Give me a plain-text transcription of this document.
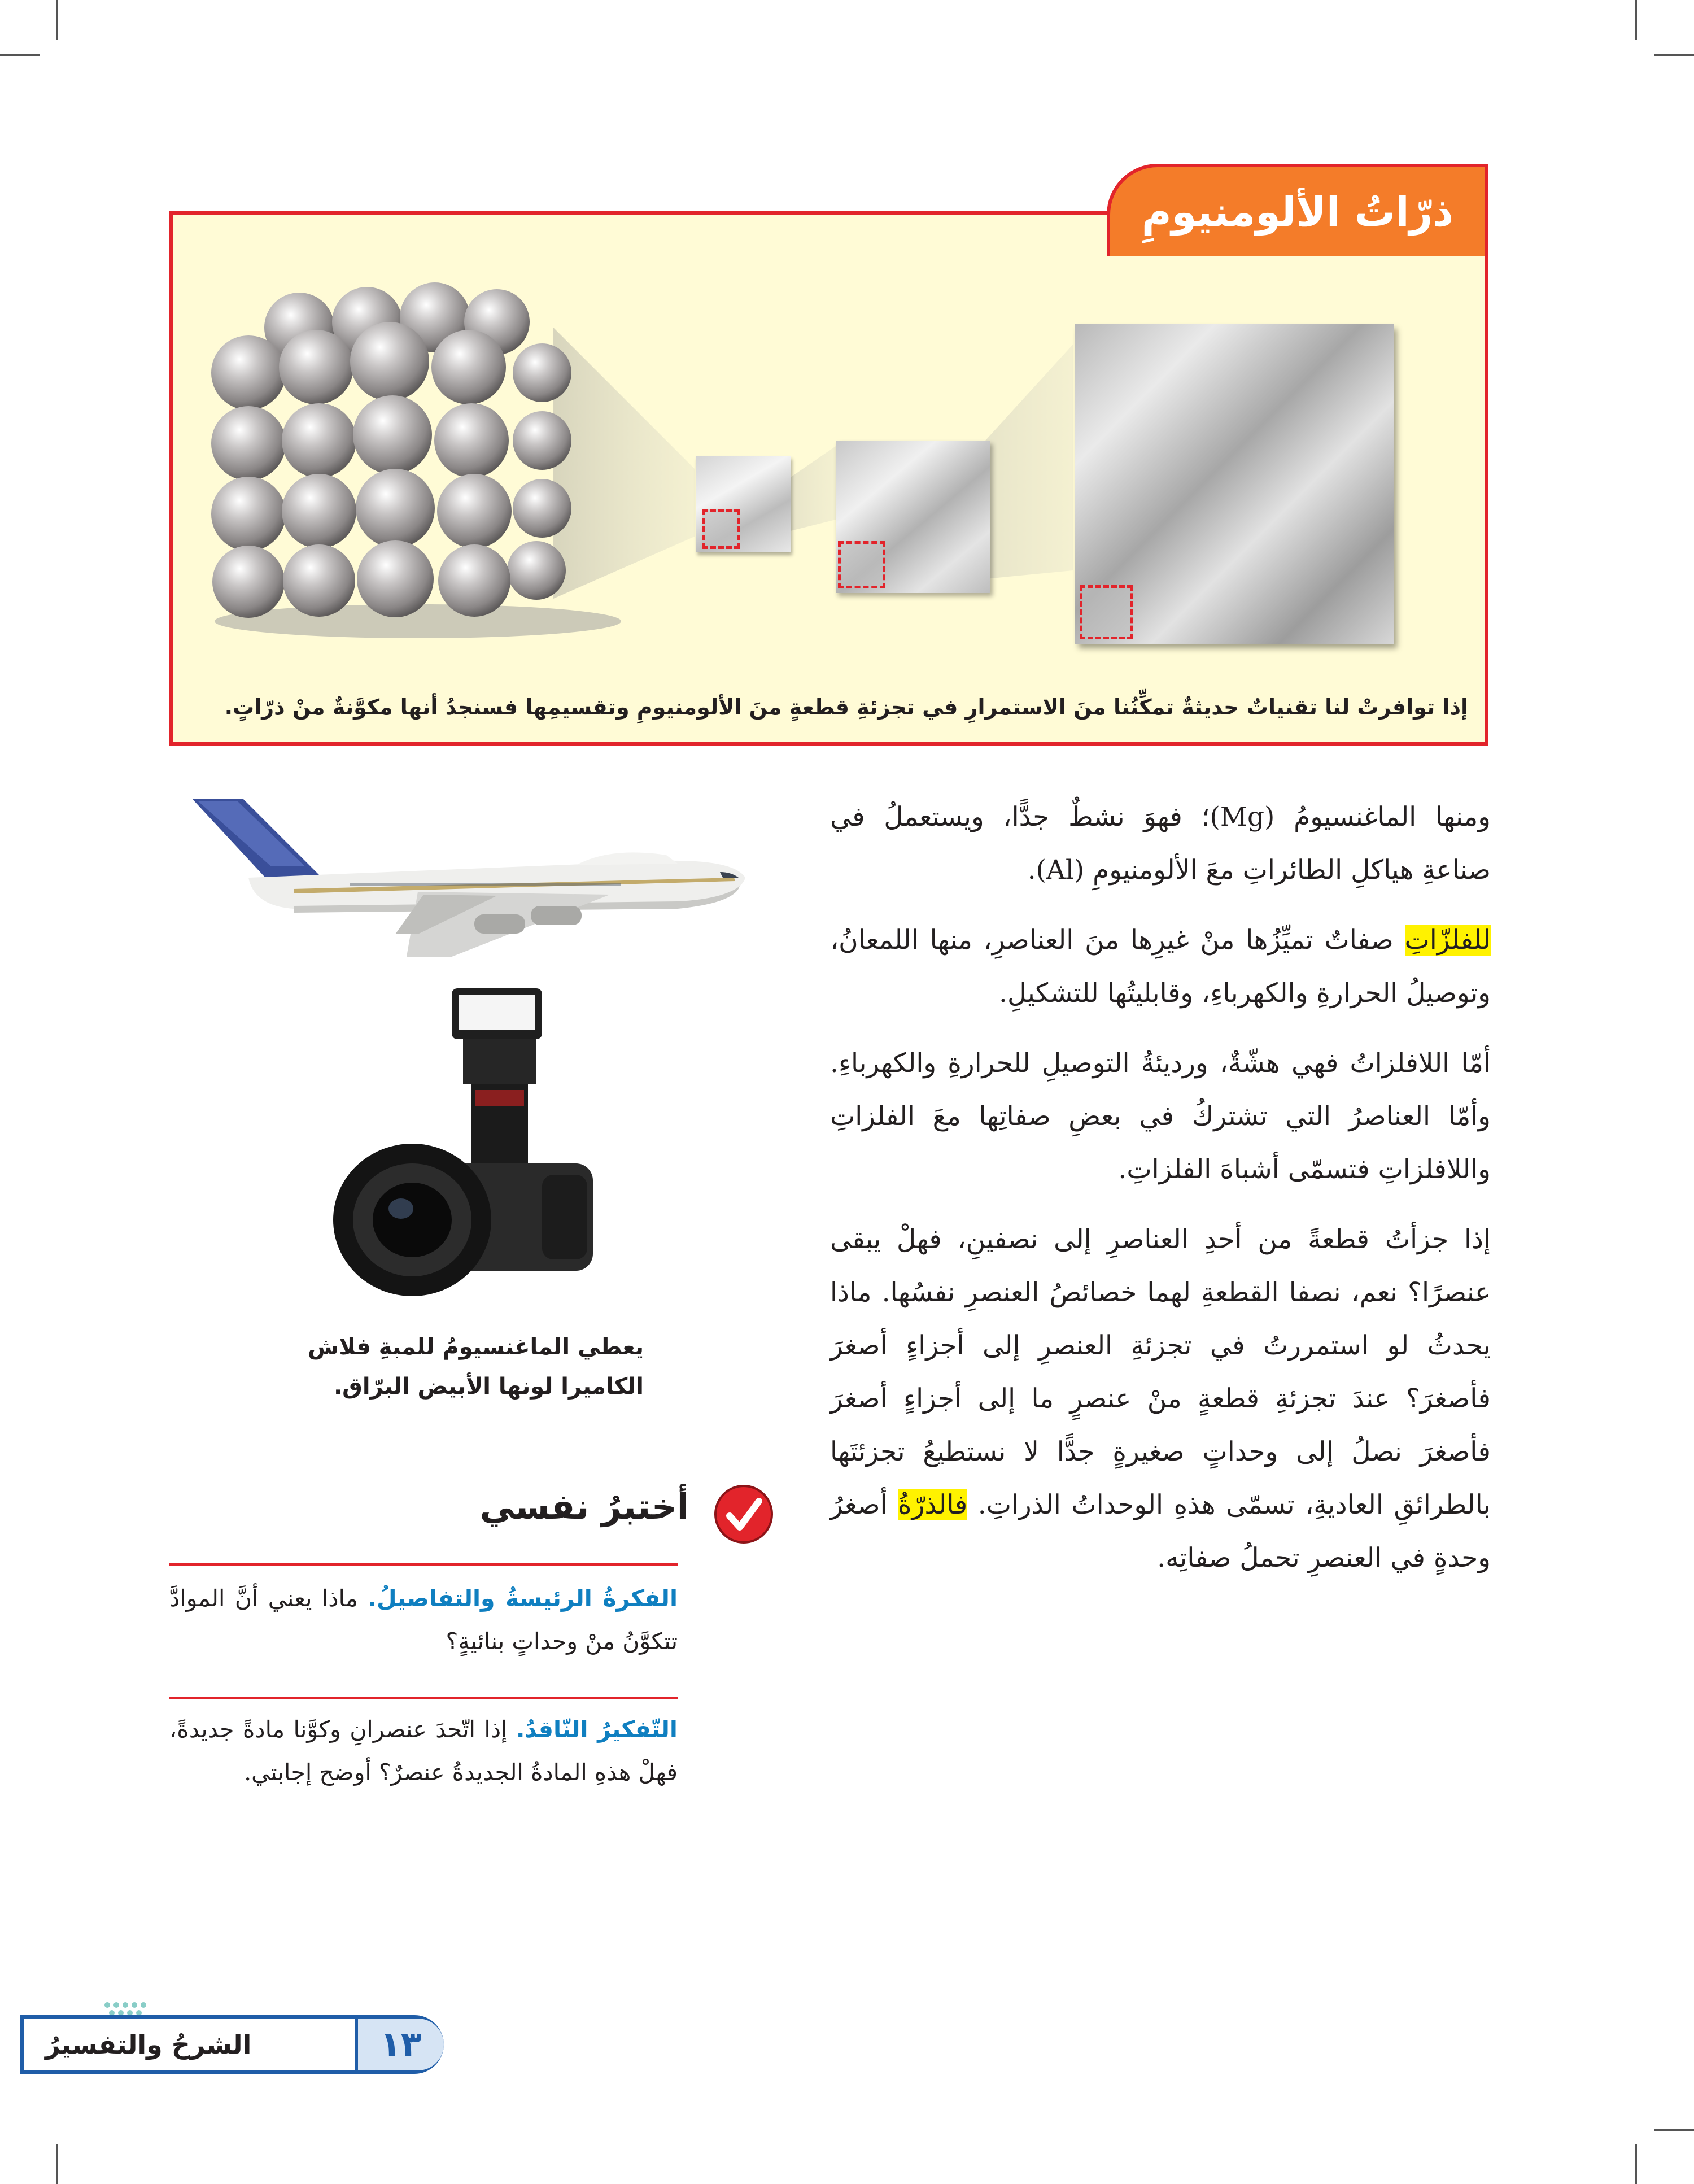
ذرّاتُ الألومنيومِ
إذا توافرتْ لنا تقنياتٌ حديثةٌ تمكِّنُنا منَ الاستمرارِ في تجزئةِ قطعةٍ منَ الألومنيومِ وتقسيمِها فسنجدُ أنها مكوَّنةٌ منْ ذرّاتٍ.

ومنها الماغنسيومُ (Mg)؛ فهوَ نشطٌ جدًّا، ويستعملُ في صناعةِ هياكلِ الطائراتِ معَ الألومنيومِ (Al).

للفلزّاتِ صفاتٌ تميِّزُها منْ غيرِها منَ العناصرِ، منها اللمعانُ، وتوصيلُ الحرارةِ والكهرباءِ، وقابليتُها للتشكيلِ.

أمّا اللافلزاتُ فهي هشّةٌ، ورديئةُ التوصيلِ للحرارةِ والكهرباءِ. وأمّا العناصرُ التي تشتركُ في بعضِ صفاتِها معَ الفلزاتِ واللافلزاتِ فتسمّى أشباهَ الفلزاتِ.

إذا جزأتُ قطعةً من أحدِ العناصرِ إلى نصفينِ، فهلْ يبقى عنصرًا؟ نعم، نصفا القطعةِ لهما خصائصُ العنصرِ نفسُها. ماذا يحدثُ لو استمررتُ في تجزئةِ العنصرِ إلى أجزاءٍ أصغرَ فأصغرَ؟ عندَ تجزئةِ قطعةٍ منْ عنصرٍ ما إلى أجزاءٍ أصغرَ فأصغرَ نصلُ إلى وحداتٍ صغيرةٍ جدًّا لا نستطيعُ تجزئتَها بالطرائقِ العاديةِ، تسمّى هذهِ الوحداتُ الذراتِ. فالذرّةُ أصغرُ وحدةٍ في العنصرِ تحملُ صفاتِه.

يعطي الماغنسيومُ للمبةِ فلاش الكاميرا لونها الأبيض البرّاق.
أختبرُ نفسي
الفكرةُ الرئيسةُ والتفاصيلُ. ماذا يعني أنَّ الموادَّ تتكوَّنُ منْ وحداتٍ بنائيةٍ؟
التّفكيرُ النّاقدُ. إذا اتّحدَ عنصرانِ وكوَّنا مادةً جديدةً، فهلْ هذهِ المادةُ الجديدةُ عنصرٌ؟ أوضح إجابتي.
الشرحُ والتفسيرُ	١٣
